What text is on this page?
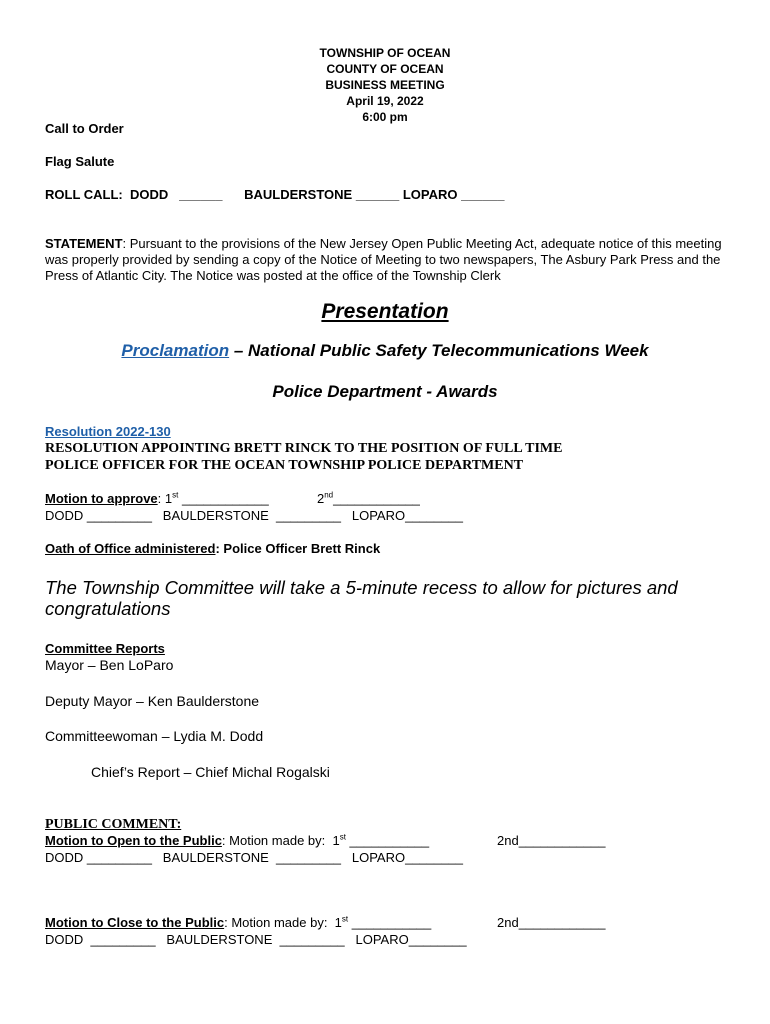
TOWNSHIP OF OCEAN
COUNTY OF OCEAN
BUSINESS MEETING
April 19, 2022
6:00 pm
Call to Order
Flag Salute
ROLL CALL:  DODD   ______      BAULDERSTONE ______ LOPARO ______
STATEMENT: Pursuant to the provisions of the New Jersey Open Public Meeting Act, adequate notice of this meeting was properly provided by sending a copy of the Notice of Meeting to two newspapers, The Asbury Park Press and the Press of Atlantic City. The Notice was posted at the office of the Township Clerk
Presentation
Proclamation – National Public Safety Telecommunications Week
Police Department - Awards
Resolution 2022-130
RESOLUTION APPOINTING BRETT RINCK TO THE POSITION OF FULL TIME
POLICE OFFICER FOR THE OCEAN TOWNSHIP POLICE DEPARTMENT
Motion to approve: 1st ____________	2nd____________
DODD _________   BAULDERSTONE  _________   LOPARO________
Oath of Office administered: Police Officer Brett Rinck
The Township Committee will take a 5-minute recess to allow for pictures and congratulations
Committee Reports
Mayor – Ben LoParo
Deputy Mayor – Ken Baulderstone
Committeewoman – Lydia M. Dodd
Chief’s Report – Chief Michal Rogalski
PUBLIC COMMENT:
Motion to Open to the Public: Motion made by:  1st ___________	2nd____________
DODD _________   BAULDERSTONE  _________   LOPARO________
Motion to Close to the Public: Motion made by:  1st ___________	2nd____________
DODD  _________   BAULDERSTONE  _________   LOPARO________
